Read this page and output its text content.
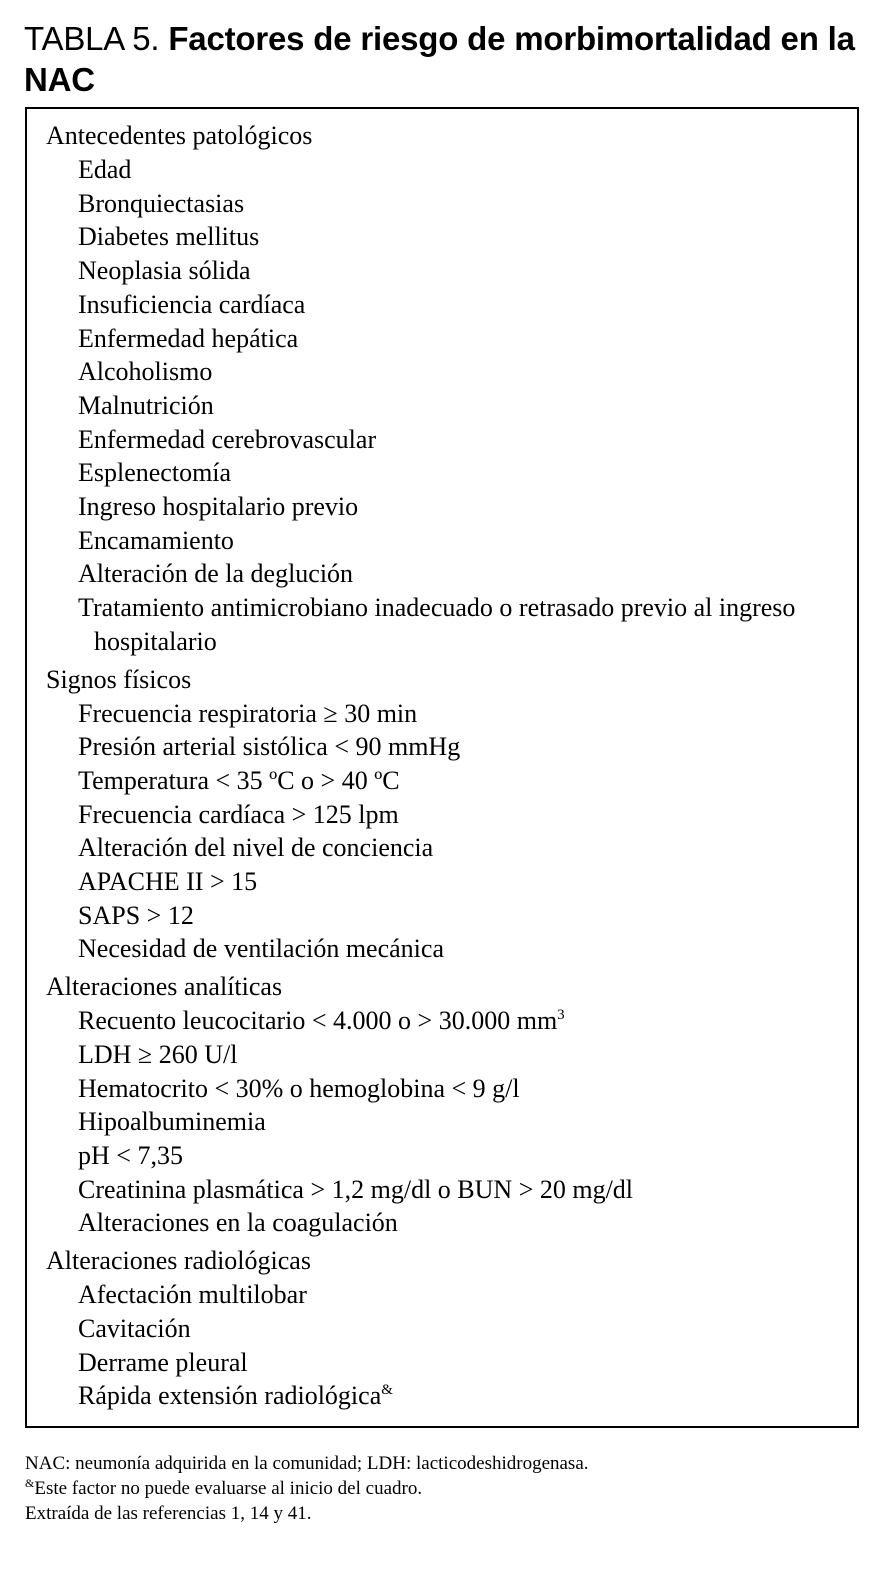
TABLA 5. Factores de riesgo de morbimortalidad en la NAC
Antecedentes patológicos
Edad
Bronquiectasias
Diabetes mellitus
Neoplasia sólida
Insuficiencia cardíaca
Enfermedad hepática
Alcoholismo
Malnutrición
Enfermedad cerebrovascular
Esplenectomía
Ingreso hospitalario previo
Encamamiento
Alteración de la deglución
Tratamiento antimicrobiano inadecuado o retrasado previo al ingreso hospitalario
Signos físicos
Frecuencia respiratoria ≥ 30 min
Presión arterial sistólica < 90 mmHg
Temperatura < 35 ºC o > 40 ºC
Frecuencia cardíaca > 125 lpm
Alteración del nivel de conciencia
APACHE II > 15
SAPS > 12
Necesidad de ventilación mecánica
Alteraciones analíticas
Recuento leucocitario < 4.000 o > 30.000 $mm^3$
LDH ≥ 260 U/l
Hematocrito < 30% o hemoglobina < 9 g/l
Hipoalbuminemia
pH < 7,35
Creatinina plasmática > 1,2 mg/dl o BUN > 20 mg/dl
Alteraciones en la coagulación
Alteraciones radiológicas
Afectación multilobar
Cavitación
Derrame pleural
Rápida extensión radiológica&
NAC: neumonía adquirida en la comunidad; LDH: lacticodeshidrogenasa.
&Este factor no puede evaluarse al inicio del cuadro.
Extraída de las referencias 1, 14 y 41.
